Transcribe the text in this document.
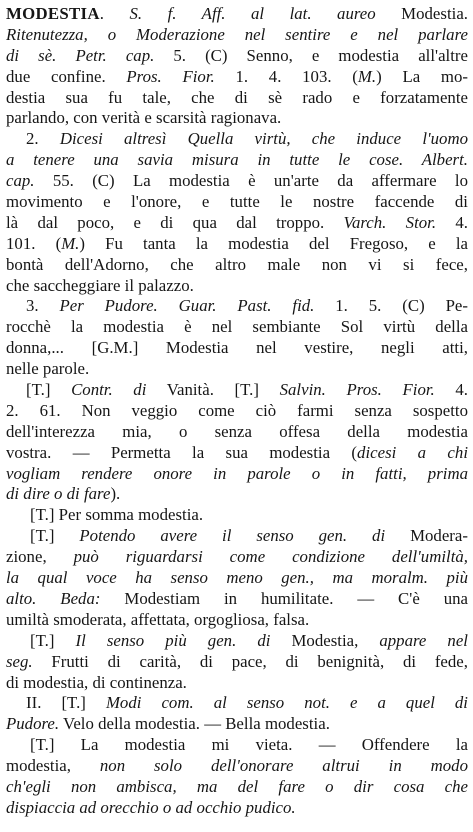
MODESTIA. S. f. Aff. al lat. aureo Modestia.
Ritenutezza, o Moderazione nel sentire e nel parlare
di sè. Petr. cap. 5. (C) Senno, e modestia all'altre
due confine. Pros. Fior. 1. 4. 103. (M.) La mo-
destia sua fu tale, che di sè rado e forzatamente
parlando, con verità e scarsità ragionava.
2. Dicesi altresì Quella virtù, che induce l'uomo
a tenere una savia misura in tutte le cose. Albert.
cap. 55. (C) La modestia è un'arte da affermare lo
movimento e l'onore, e tutte le nostre faccende di
là dal poco, e di qua dal troppo. Varch. Stor. 4.
101. (M.) Fu tanta la modestia del Fregoso, e la
bontà dell'Adorno, che altro male non vi si fece,
che saccheggiare il palazzo.
3. Per Pudore. Guar. Past. fid. 1. 5. (C) Pe-
rocchè la modestia è nel sembiante Sol virtù della
donna,... [G.M.] Modestia nel vestire, negli atti,
nelle parole.
[T.] Contr. di Vanità. [T.] Salvin. Pros. Fior. 4.
2. 61. Non veggio come ciò farmi senza sospetto
dell'interezza mia, o senza offesa della modestia
vostra. — Permetta la sua modestia (dicesi a chi
vogliam rendere onore in parole o in fatti, prima
di dire o di fare).
[T.] Per somma modestia.
[T.] Potendo avere il senso gen. di Modera-
zione, può riguardarsi come condizione dell'umiltà,
la qual voce ha senso meno gen., ma moralm. più
alto. Beda: Modestiam in humilitate. — C'è una
umiltà smoderata, affettata, orgogliosa, falsa.
[T.] Il senso più gen. di Modestia, appare nel
seg. Frutti di carità, di pace, di benignità, di fede,
di modestia, di continenza.
II. [T.] Modi com. al senso not. e a quel di
Pudore. Velo della modestia. — Bella modestia.
[T.] La modestia mi vieta. — Offendere la
modestia, non solo dell'onorare altrui in modo
ch'egli non ambisca, ma del fare o dir cosa che
dispiaccia ad orecchio o ad occhio pudico.
